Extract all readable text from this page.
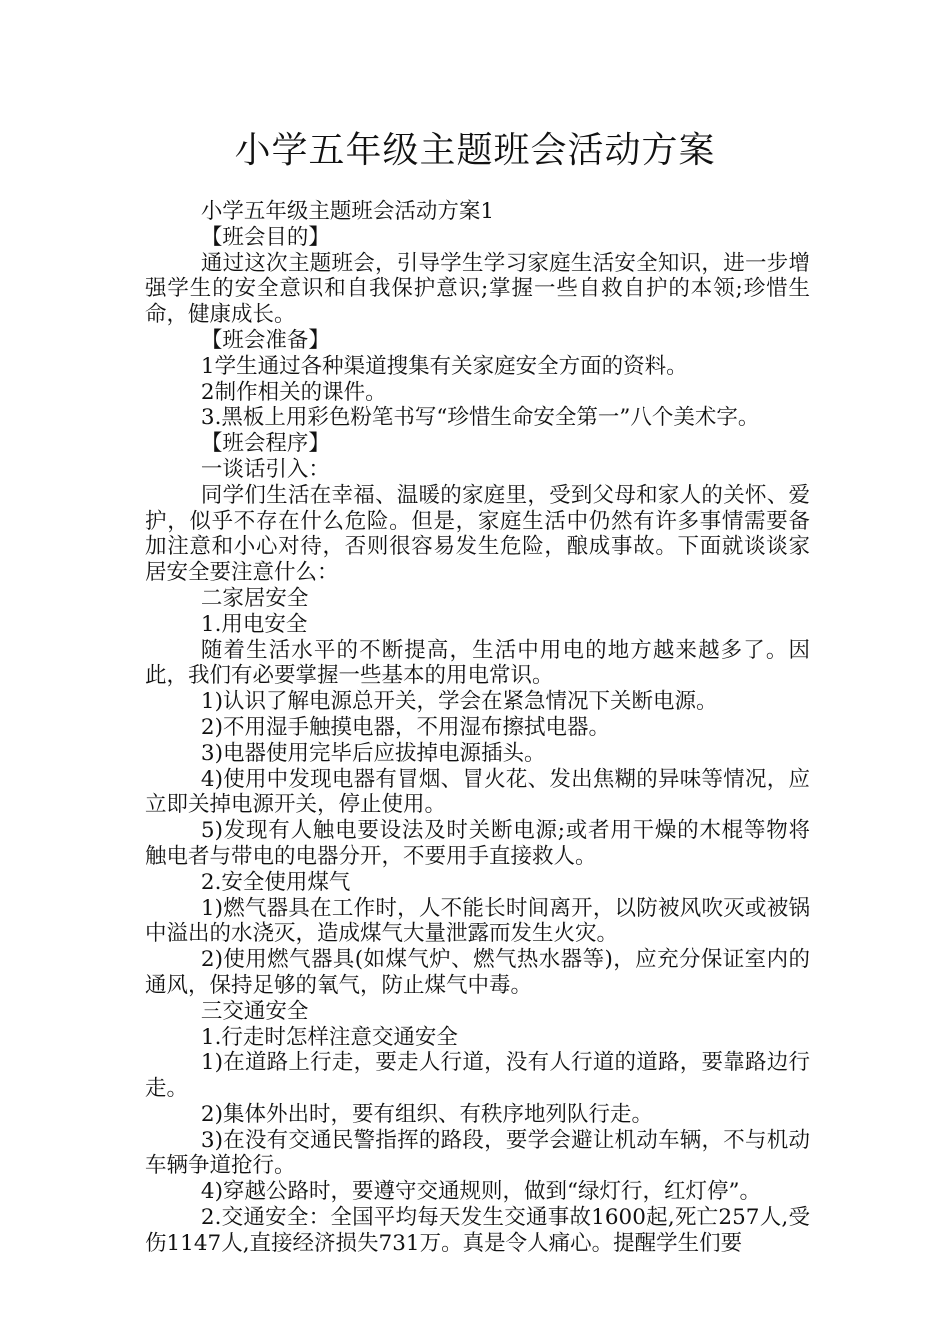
小学五年级主题班会活动方案

小学五年级主题班会活动方案1

【班会目的】

通过这次主题班会，引导学生学习家庭生活安全知识，进一步增强学生的安全意识和自我保护意识;掌握一些自救自护的本领;珍惜生命，健康成长。

【班会准备】

1学生通过各种渠道搜集有关家庭安全方面的资料。

2制作相关的课件。

3.黑板上用彩色粉笔书写“珍惜生命安全第一”八个美术字。

【班会程序】

一谈话引入：

同学们生活在幸福、温暖的家庭里，受到父母和家人的关怀、爱护，似乎不存在什么危险。但是，家庭生活中仍然有许多事情需要备加注意和小心对待，否则很容易发生危险，酿成事故。下面就谈谈家居安全要注意什么：

二家居安全

1.用电安全

随着生活水平的不断提高，生活中用电的地方越来越多了。因此，我们有必要掌握一些基本的用电常识。

1)认识了解电源总开关，学会在紧急情况下关断电源。

2)不用湿手触摸电器，不用湿布擦拭电器。

3)电器使用完毕后应拔掉电源插头。

4)使用中发现电器有冒烟、冒火花、发出焦糊的异味等情况，应立即关掉电源开关，停止使用。

5)发现有人触电要设法及时关断电源;或者用干燥的木棍等物将触电者与带电的电器分开，不要用手直接救人。

2.安全使用煤气

1)燃气器具在工作时，人不能长时间离开，以防被风吹灭或被锅中溢出的水浇灭，造成煤气大量泄露而发生火灾。

2)使用燃气器具(如煤气炉、燃气热水器等)，应充分保证室内的通风，保持足够的氧气，防止煤气中毒。

三交通安全

1.行走时怎样注意交通安全

1)在道路上行走，要走人行道，没有人行道的道路，要靠路边行走。

2)集体外出时，要有组织、有秩序地列队行走。

3)在没有交通民警指挥的路段，要学会避让机动车辆，不与机动车辆争道抢行。

4)穿越公路时，要遵守交通规则，做到“绿灯行，红灯停”。

2.交通安全：全国平均每天发生交通事故1600起,死亡257人,受伤1147人,直接经济损失731万。真是令人痛心。提醒学生们要
